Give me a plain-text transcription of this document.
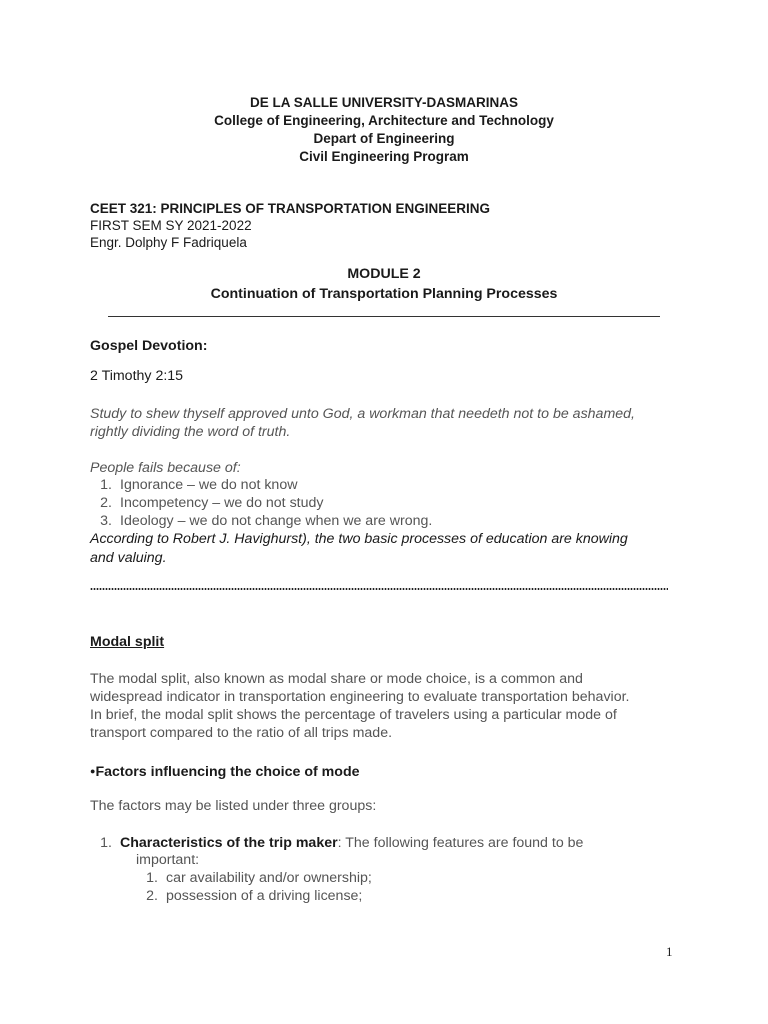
DE LA SALLE UNIVERSITY-DASMARINAS
College of Engineering, Architecture and Technology
Depart of Engineering
Civil Engineering Program
CEET 321: PRINCIPLES OF TRANSPORTATION ENGINEERING
FIRST SEM SY 2021-2022
Engr. Dolphy F Fadriquela
MODULE 2
Continuation of Transportation Planning Processes
Gospel Devotion:
2 Timothy 2:15
Study to shew thyself approved unto God, a workman that needeth not to be ashamed,
rightly dividing the word of truth.
People fails because of:
1. Ignorance – we do not know
2. Incompetency – we do not study
3. Ideology – we do not change when we are wrong.
According to Robert J. Havighurst), the two basic processes of education are knowing
and valuing.
Modal split
The modal split, also known as modal share or mode choice, is a common and
widespread indicator in transportation engineering to evaluate transportation behavior.
In brief, the modal split shows the percentage of travelers using a particular mode of
transport compared to the ratio of all trips made.
●Factors influencing the choice of mode
The factors may be listed under three groups:
1. Characteristics of the trip maker: The following features are found to be
important:
1. car availability and/or ownership;
2. possession of a driving license;
1
